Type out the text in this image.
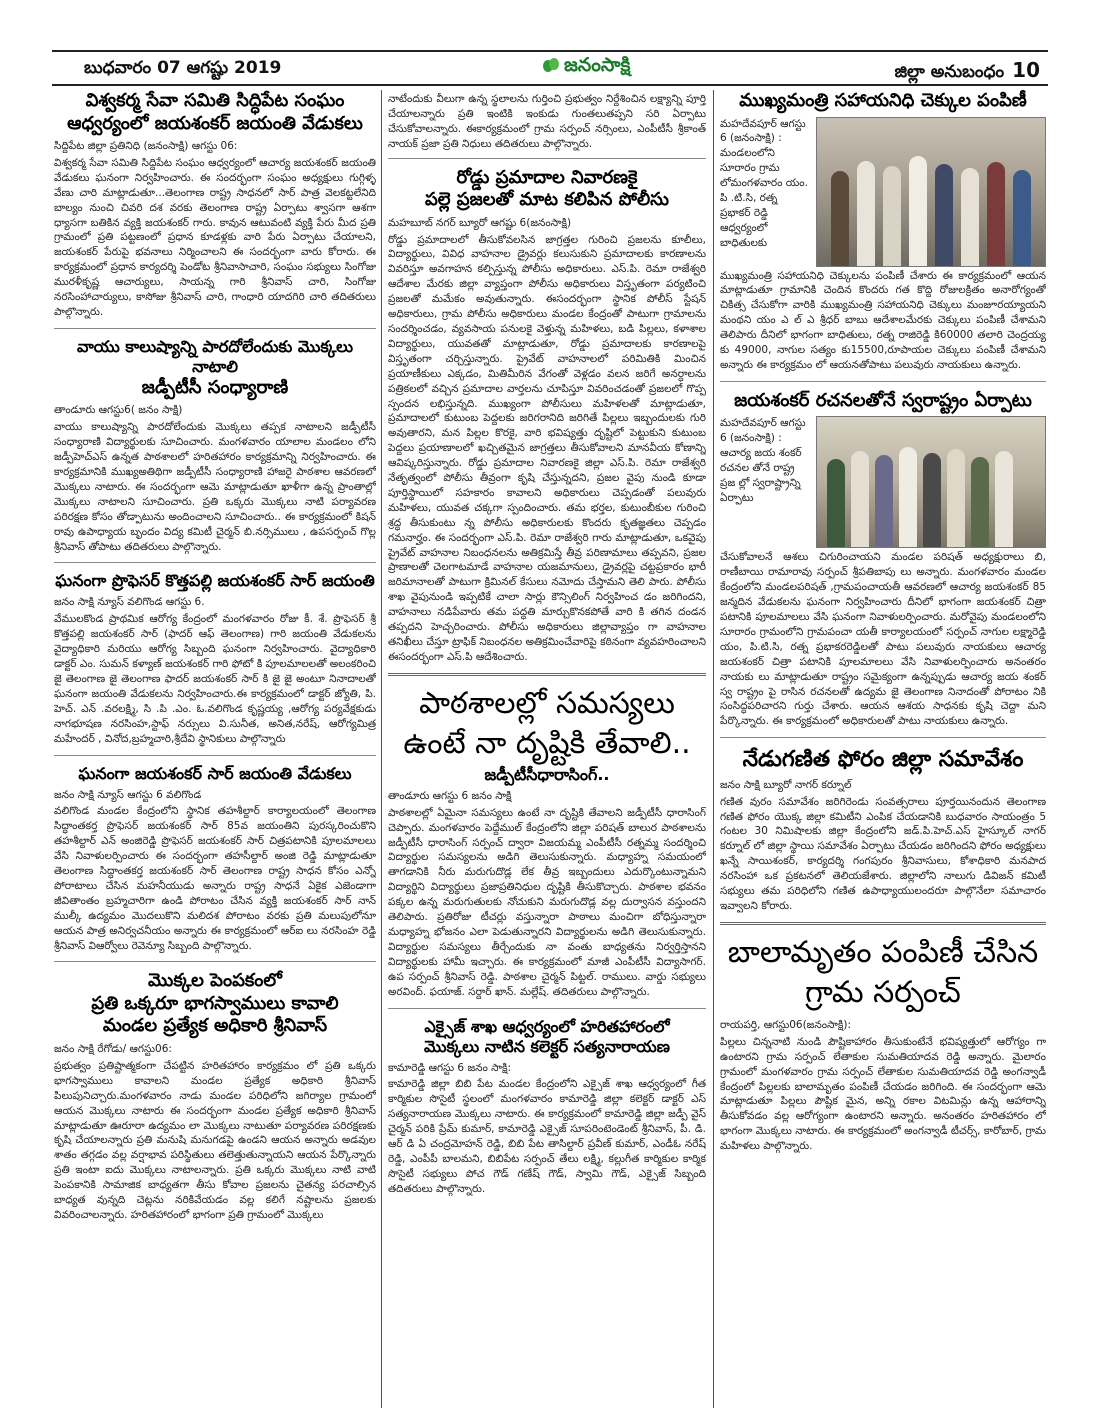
బుధవారం 07 ఆగష్టు 2019	జనంసాక్షి	జిల్లా అనుబంధం 10
విశ్వకర్మ సేవా సమితి సిద్ధిపేట సంఘం
ఆధ్వర్యంలో జయశంకర్ జయంతి వేడుకలు
సిద్దిపేట జిల్లా ప్రతినిధి (జనంసాక్షి) ఆగస్టు 06:
విశ్వకర్మ సేవా సమితి సిద్దిపేట సంఘం ఆధ్వర్యంలో ఆచార్య జయశంకర్ జయంతి వేడుకలు ఘనంగా నిర్వహించారు. ఈ సందర్భంగా సంఘం అధ్యక్షులు గుగ్గిళ్ళ వేణు చారి మాట్లాడుతూ...తెలంగాణ రాష్ట్ర సాధనలో సార్ పాత్ర వెలకట్టలేనిది బాల్యం నుంచి చివరి దశ వరకు తెలంగాణ రాష్ట్ర ఏర్పాటు శ్వాసగా ఆశగా ధ్యాసగా బతికిన వ్యక్తి జయశంకర్ గారు. కావున ఆటువంటి వ్యక్తి పేరు మీద ప్రతి గ్రామంలో ప్రతి పట్టణంలో ప్రధాన కూడళ్లకు వారి పేరు ఏర్పాటు చేయాలని, జయశంకర్ పేరుపై భవనాలు నిర్మించాలని ఈ సందర్భంగా వారు కోరారు. ఈ కార్యక్రమంలో ప్రధాన కార్యదర్శి పెండోట శ్రీనివాసాచారి, సంఘం సభ్యులు సింగోజు మురళీకృష్ణ ఆచార్యులు, సాయన్న గారి శ్రీనివాస్ చారి, సింగోజు నరసింహాచార్యులు, కాసోజు శ్రీనివాస్ చారి, గాంధారి యాదగిరి చారి తదితరులు పాల్గొన్నారు.
వాయు కాలుష్యాన్ని పారదోలేందుకు మొక్కలు నాటాలి
జడ్పీటీసీ సంధ్యారాణి
తాండూరు ఆగస్టు6( జనం సాక్షి)
వాయు కాలుష్యాన్ని పారదోలేందుకు మొక్కలు తప్పక నాటాలని జడ్పీటీసీ సంధ్యారాణి విద్యార్థులకు సూచించారు. మంగళవారం యాలాల మండలం లోని జడ్పీహెచ్ఎస్ ఉన్నత పాఠశాలలో హరితహారం కార్యక్రమాన్ని నిర్వహించారు. ఈ కార్యక్రమానికి ముఖ్యఅతిథిగా జడ్పీటీసీ సంధ్యారాణి హాజరై పాఠశాల ఆవరణలో మొక్కలు నాటారు. ఈ సందర్భంగా ఆమె మాట్లాడుతూ ఖాళీగా ఉన్న ప్రాంతాల్లో మొక్కలు నాటాలని సూచించారు. ప్రతి ఒక్కరు మొక్కలు నాటి పర్యావరణ పరిరక్షణ కోసం తోడ్పాటును అందించాలని సూచించారు.. ఈ కార్యక్రమంలో కిషన్ రావు ఉపాధ్యాయ బృందం విద్య కమిటీ చైర్మన్ బి.నర్సిములు , ఉపసర్పంచ్ గొల్ల శ్రీనివాస్ తోపాటు తదితరులు పాల్గొన్నారు.
ఘనంగా ప్రొఫెసర్ కొత్తపల్లి జయశంకర్ సార్ జయంతి
జనం సాక్షి న్యూస్ వలిగొండ ఆగస్టు 6.
వేములకొండ ప్రాథమిక ఆరోగ్య కేంద్రంలో మంగళవారం రోజు కీ. శే. ప్రొఫెసర్ శ్రీ కొత్తపల్లి జయశంకర్ సార్ (ఫాదర్ ఆఫ్ తెలంగాణ) గారి జయంతి వేడుకలను వైద్యాధికారి మరియు ఆరోగ్య సిబ్బంది ఘనంగా నిర్వహించారు. వైద్యాధికారి డాక్టర్ ఎం. సుమన్ కళ్యాణ్ జయశంకర్ గారి ఫోటో కి పూలమాలలతో అలంకరించి జై తెలంగాణ జై తెలంగాణ ఫాదర్ జయశంకర్ సార్ కి జై జై అంటూ నినాదాలతో ఘనంగా జయంతి వేడుకలను నిర్వహించారు.ఈ కార్యక్రమంలో డాక్టర్ జ్యోతి, పి. హెచ్. ఎన్ .వరలక్ష్మి, సి .పి .ఎం. ఓ.వలిగొండ కృష్ణయ్య ,ఆరోగ్య పర్యవేక్షకుడు నాగభూషణ నరసింహ,స్టాఫ్ నర్సులు వి.సునీత, అనిత,నరేష్, ఆరోగ్యమిత్ర మహేందర్ , వినోద,బ్రహ్మచారి,శ్రీదేవి స్థానికులు పాల్గొన్నారు
ఘనంగా జయశంకర్ సార్ జయంతి వేడుకలు
జనం సాక్షి న్యూస్ ఆగస్టు 6 వలిగొండ
వలిగొండ మండల కేంద్రంలోని స్థానిక తహశీల్దార్ కార్యాలయంలో తెలంగాణ సిద్ధాంతకర్త ప్రొఫెసర్ జయశంకర్ సార్ 85వ జయంతిని పురస్కరించుకొని తహశీల్దార్ ఎన్ అంజిరెడ్డి ప్రొఫెసర్ జయశంకర్ సార్ చిత్రపటానికి పూలమాలలు వేసి నివాళులర్పించారు ఈ సందర్భంగా తహసీల్దార్ అంజి రెడ్డి మాట్లాడుతూ తెలంగాణ సిద్ధాంతకర్త జయశంకర్ సార్ తెలంగాణ రాష్ట్ర సాధన కోసం ఎన్నో పోరాటాలు చేసిన మహనీయుడు అన్నారు రాష్ట్ర సాధనే ఏకైక ఎజెండాగా జీవితాంతం బ్రహ్మచారిగా ఉండి పోరాటం చేసిన వ్యక్తి జయశంకర్ సార్ నాన్ ముల్కీ ఉద్యమం మొదలుకొని మలిదశ పోరాటం వరకు ప్రతి మలుపులోనూ ఆయన పాత్ర అనిర్వచనీయం అన్నారు ఈ కార్యక్రమంలో ఆర్ఐ లు నరసింహ రెడ్డి శ్రీనివాస్ విఆర్వోలు రెవెన్యూ సిబ్బంది పాల్గొన్నారు.
మొక్కల పెంపకంలో
ప్రతి ఒక్కరూ భాగస్వాములు కావాలి
మండల ప్రత్యేక అధికారి శ్రీనివాస్
జనం సాక్షి రేగోడు/ ఆగస్టు06:
ప్రభుత్వం ప్రతిష్టాత్మకంగా చేపట్టిన హరితహారం కార్యక్రమం లో ప్రతి ఒక్కరు భాగస్వాములు కావాలని మండల ప్రత్యేక అధికారి శ్రీనివాస్ పిలుపునిచ్చారు.మంగళవారం నాడు మండల పరిధిలోని జగిర్యాల గ్రామంలో ఆయన మొక్కలు నాటారు ఈ సందర్భంగా మండల ప్రత్యేక అధికారి శ్రీనివాస్ మాట్లాడుతూ ఊరూరా ఉద్యమం లా మొక్కలు నాటుతూ పర్యావరణ పరిరక్షణకు కృషి చేయాలన్నారు ప్రతి మనుషి మనుగడపై ఉండని ఆయన అన్నారు అడవుల శాతం తగ్గడం వల్ల వర్షాభావ పరిస్థితులు తలెత్తుతున్నాయని ఆయన పేర్కొన్నారు ప్రతి ఇంటా ఐదు మొక్కలు నాటాలన్నారు. ప్రతి ఒక్కరు మొక్కలు నాటి వాటి పెంపకానికి సామాజిక బాధ్యతగా తీసు కోవాల ప్రజలను చైతన్య పరచాల్సిన బాధ్యత వున్నది చెట్లను నరికివేయడం వల్ల కలిగే నష్టాలను ప్రజలకు వివరించాలన్నారు. హరితహారంలో భాగంగా ప్రతి గ్రామంలో మొక్కలు
నాటేందుకు వీలుగా ఉన్న స్థలాలను గుర్తించి ప్రభుత్వం నిర్దేశించిన లక్ష్యాన్ని పూర్తి చేయాలన్నారు ప్రతి ఇంటికి ఇంకుడు గుంతలుతప్పని సరి ఏర్పాటు చేసుకోవాలన్నారు. ఈకార్యక్రమంలో గ్రామ సర్పంచ్ నర్సింలు, ఎంపీటీసీ శ్రీకాంత్ నాయక్ ప్రజా ప్రతి నిధులు తదితరులు పాల్గొన్నారు.
రోడ్డు ప్రమాదాల నివారణకై
పల్లె ప్రజలతో మాట కలిపిన పోలీసు
మహబూబ్ నగర్ బ్యూరో ఆగష్టు 6(జనంసాక్షి)
రోడ్డు ప్రమాదాలలో తీసుకోవలసిన జాగ్రత్తల గురించి ప్రజలను కూలీలు, విద్యార్థులు, వివిధ వాహనాల డ్రైవర్లు కలుసుకుని ప్రమాదాలకు కారణాలను వివరిస్తూ అవగాహన కల్పిస్తున్న పోలీసు అధికారులు. ఎస్.పి. రెమా రాజేశ్వరి ఆదేశాల మేరకు జిల్లా వ్యాప్తంగా పోలీసు అధికారులు విస్తృతంగా పర్యటించి ప్రజలతో మమేకం అవుతున్నారు. ఈసందర్భంగా స్థానిక పోలీస్ స్టేషన్ అధికారులు, గ్రామ పోలీసు అధికారులు మండల కేంద్రంతో పాటుగా గ్రామాలను సందర్శించడం, వ్యవసాయ పనులకై వెళ్తున్న మహిళలు, బడి పిల్లలు, కళాశాల విద్యార్థులు, యువతతో మాట్లాడుతూ, రోడ్డు ప్రమాదాలకు కారణాలపై విస్తృతంగా చర్చిస్తున్నారు. ప్రైవేట్ వాహనాలలో పరిమితికి మించిన ప్రయాణీకులు ఎక్కడం, మితిమీరిన వేగంతో వెళ్లడం వలన జరిగే అనర్ధాలను పత్రికలలో వచ్చిన ప్రమాదాల వార్తలను చూపిస్తూ వివరించడంతో ప్రజలలో గొప్ప స్పందన లభిస్తున్నది. ముఖ్యంగా పోలీసులు మహిళలతో మాట్లాడుతూ, ప్రమాదాలలో కుటుంబ పెద్దలకు జరిగరానిది జరిగితే పిల్లలు ఇబ్బందులకు గురి అవుతారని, మన పిల్లల కొరకై, వారి భవిష్యత్తు దృష్టిలో పెట్టుకుని కుటుంబ పెద్దలు ప్రయాణాలలో ఖచ్చితమైన జాగ్రత్తలు తీసుకోవాలని మానవీయ కోణాన్ని ఆవిష్కరిస్తున్నారు. రోడ్డు ప్రమాదాల నివారణకై జిల్లా ఎస్.పి. రెమా రాజేశ్వరి నేతృత్వంలో పోలీసు తీవ్రంగా కృషి చేస్తున్నదని, ప్రజల వైపు నుండి కూడా పూర్తిస్థాయిలో సహకారం కావాలని అధికారులు చెప్పడంతో పలువురు మహిళలు, యువత చక్కగా స్పందించారు. తమ భర్తల, కుటుంబీకుల గురించి శ్రద్ధ తీసుకుంటు న్న పోలీసు అధికారులకు కొందరు కృతజ్ఞతలు చెప్పడం గమనార్హం. ఈ సందర్భంగా ఎస్.పి. రెమా రాజేశ్వరి గారు మాట్లాడుతూ, ఒకవైపు ప్రైవేట్ వాహనాల నిబంధనలను అతిక్రమిస్తే తీవ్ర పరిణామాలు తప్పవని, ప్రజల ప్రాణాలతో చెలగాటమాడే వాహనాల యజమానులు, డ్రైవర్లపై చట్టప్రకారం భారీ జరిమానాలతో పాటుగా క్రిమినల్ కేసులు నమోదు చేస్తామని తెలి పారు. పోలీసు శాఖ వైపునుండి ఇప్పటికే చాలా సార్లు కౌన్సిలింగ్ నిర్వహించ డం జరిగిందని, వాహనాలు నడిపేవారు తమ పద్ధతి మార్చుకొనకపోతే వారి కి తగిన దండన తప్పదని హెచ్చరించారు. పోలీసు అధికారులు జిల్లావ్యాప్తం గా వాహనాల తనిఖీలు చేస్తూ ట్రాఫిక్ నిబంధనల అతిక్రమించేవారిపై కఠినంగా వ్యవహరించాలని ఈసందర్భంగా ఎస్.పి ఆదేశించారు.
పాఠశాలల్లో సమస్యలు
ఉంటే నా దృష్టికి తేవాలి..
జడ్పీటీసీధారాసింగ్..
తాండూరు ఆగస్టు 6 జనం సాక్షి
పాఠశాలల్లో ఏమైనా సమస్యలు ఉంటే నా దృష్టికి తేవాలని జడ్పీటీసీ ధారాసింగ్ చెప్పారు. మంగళవారం పెద్దేముల్ కేంద్రంలోని జిల్లా పరిషత్ బాలుర పాఠశాలను జడ్పీటీసీ ధారాసింగ్ సర్పంచ్ ద్వారా విజయమ్మ ఎంపీటీసీ రత్నమ్మ సందర్శించి విద్యార్థుల సమస్యలను అడిగి తెలుసుకున్నారు. మధ్యాహ్న సమయంలో తాగడానికి నీరు మరుగుదొడ్ల లేక తీవ్ర ఇబ్బందులు ఎదుర్కొంటున్నామని విద్యార్థిని విద్యార్థులు ప్రజాప్రతినిధుల దృష్టికి తీసుకొచ్చారు. పాఠశాల భవనం పక్కల ఉన్న మరుగుతులకు నోచుకుని మరుగుదొడ్ల వల్ల దుర్వాసన వస్తుందని తెలిపారు. ప్రతిరోజు టీచర్లు వస్తున్నారా పాఠాలు మంచిగా బోధిస్తున్నారా మధ్యాహ్న భోజనం ఎలా పెడుతున్నారని విద్యార్థులను అడిగి తెలుసుకున్నారు. విద్యార్థుల సమస్యలు తీర్చేందుకు నా వంతు బాధ్యతను నిర్వర్తిస్తానని విద్యార్థులకు హామీ ఇచ్చారు. ఈ కార్యక్రమంలో మాజీ ఎంపీటీసీ విద్యాసాగర్. ఉప సర్పంచ్ శ్రీనివాస్ రెడ్డి. పాఠశాల చైర్మన్ పిట్టల్. రాములు. వార్డు సభ్యులు అరవింద్. ఫయాజ్. సర్దార్ ఖాన్. మల్లేష్. తదితరులు పాల్గొన్నారు.
ఎక్సైజ్ శాఖ ఆధ్వర్యంలో హరితహారంలో
మొక్కలు నాటిన కలెక్టర్ సత్యనారాయణ
కామారెడ్డి ఆగస్టు 6 జనం సాక్షి:
కామారెడ్డి జిల్లా బిబి పేట మండల కేంద్రంలోని ఎక్సైజ్ శాఖ ఆధ్వర్యంలో గీత కార్మికుల సొసైటీ స్థలంలో మంగళవారం కామారెడ్డి జిల్లా కలెక్టర్ డాక్టర్ ఎస్ సత్యనారాయణ మొక్కలు నాటారు. ఈ కార్యక్రమంలో కామారెడ్డి జిల్లా జడ్పీ వైస్ చైర్మన్ పరికి ప్రేమ్ కుమార్, కామారెడ్డి ఎక్సైజ్ సూపరింటెండెంట్ శ్రీనివాస్, పీ. డి. ఆర్ డి ఏ చంద్రమోహన్ రెడ్డి, బిబి పేట తాసిల్దార్ ప్రవీణ్ కుమార్, ఎండీఓ నరేష్ రెడ్డి, ఎంపీపీ బాలమని, బిబిపేట సర్పంచ్ తేలు లక్ష్మి, కల్లుగీత కార్మికుల కార్మిక సొసైటీ సభ్యులు పోచ గౌడ్ గణేష్ గౌడ్, స్వామి గౌడ్, ఎక్సైజ్ సిబ్బంది తదితరులు పాల్గొన్నారు.
ముఖ్యమంత్రి సహాయనిధి చెక్కుల పంపిణీ
మహదేవపూర్ ఆగస్టు 6 (జనంసాక్షి) : మండలంలోని సూరారం గ్రామ లోమంగళవారం యం. పి .టి.సి, రత్న ప్రభాకర్ రెడ్డి ఆధ్వర్యంలో బాధితులకు
ముఖ్యమంత్రి సహాయనిధి చెక్కులను పంపిణీ చేశారు ఈ కార్యక్రమంలో ఆయన మాట్లాడుతూ గ్రామానికి చెందిన కొందరు గత కొద్ది రోజులక్రితం అనారోగ్యంతో చికిత్స చేసుకోగా వారికి ముఖ్యమంత్రి సహాయనిధి చెక్కులు మంజూరయ్యాయని మంథని యం ఎ ల్ ఎ శ్రీధర్ బాబు ఆదేశాలమేరకు చెక్కులు పంపిణీ చేశామని తెలిపారు దీనిలో భాగంగా బాధితులు, రత్న రాజిరెడ్డి కి60000 తలారి చెంద్రయ్య కు 49000, నాగుల సత్యం కు15500,రూపాయల చెక్కులు పంపిణీ చేశామని అన్నారు ఈ కార్యక్రమం లో ఆయనతోపాటు పలువురు నాయకులు ఉన్నారు.
జయశంకర్ రచనలతోనే స్వరాష్ట్రం ఏర్పాటు
మహదేవపూర్ ఆగస్టు 6 (జనంసాక్షి) : ఆచార్య జయ శంకర్ రచనల తోనే రాష్ట్ర ప్రజ ల్లో స్వరాష్ట్రాన్ని ఏర్పాటు
చేసుకోవాలనే ఆశలు చిగురించాయని మండల పరిషత్ అధ్యక్షురాలు బి, రాణీబాయి రామారావు సర్పంచ్ శ్రీపతిబాపు లు అన్నారు. మంగళవారం మండల కేంద్రంలోని మండలపరిషత్ ,గ్రామపంచాయతీ ఆవరణలో ఆచార్య జయశంకర్ 85 జన్మదిన వేడుకలను ఘనంగా నిర్వహించారు దీనిలో భాగంగా జయశంకర్ చిత్రా పటానికి పూలమాలలు వేసి ఘనంగా నివాళులర్పించారు. మరోవైపు మండలంలోని సూరారం గ్రామంలోని గ్రామపంచా యతీ కార్యాలయంలో సర్పంచ్ నాగుల లక్ష్మారెడ్డి యం, పి.టి.సి, రత్న ప్రభాకరరెడ్డిలతో పాటు పలువురు నాయకులు ఆచార్య జయశంకర్ చిత్రా పటానికి పూలమాలలు వేసి నివాళులర్పించారు అనంతరం నాయకు లు మాట్లాడుతూ రాష్ట్రం సమైక్యంగా ఉన్నప్పుడు ఆచార్య జయ శంకర్ స్వ రాష్ట్రం పై రాసిన రచనలతో ఉద్యమ జై తెలంగాణ నినాదంతో పోరాటం నికి సంసిద్ధపరిచారని గుర్తు చేశారు. ఆయన ఆశయ సాధనకు కృషి చెద్దా మని పేర్కొన్నారు. ఈ కార్యక్రమంలో అధికారులతో పాటు నాయకులు ఉన్నారు.
నేడుగణిత ఫోరం జిల్లా సమావేశం
జనం సాక్షి బ్యూరో నాగర్ కర్నూల్
గణిత వురం సమావేశం జరిగిరెండు సంవత్సరాలు పూర్తయినందున తెలంగాణ గణిత ఫోరం యొక్క జిల్లా కమిటీని ఎంపిక చేయడానికి బుధవారం సాయంత్రం 5 గంటల 30 నిమిషాలకు జిల్లా కేంద్రంలోని జడ్.పి.హెచ్.ఎస్ హైస్కూల్ నాగర్ కర్నూల్ లో జిల్లా స్థాయి సమావేశం ఏర్పాటు చేయడం జరిగిందని ఫోరం అధ్యక్షులు ఖన్నే సాయిశంకర్, కార్యదర్శి గంగపురం శ్రీనివాసులు, కోశాధికారి మనపాద నరసింహా ఒక ప్రకటనలో తెలియజేశారు. జిల్లాలోని నాలుగు డివిజన్ కమిటీ సభ్యులు తమ పరిధిలోని గణిత ఉపాధ్యాయులందరూ పాల్గొనేలా సమాచారం ఇవ్వాలని కోరారు.
బాలామృతం పంపిణీ చేసిన
గ్రామ సర్పంచ్
రాయపర్తి, ఆగస్టు06(జనంసాక్షి):
పిల్లలు చిన్ననాటి నుండి పౌష్టికాహారం తీసుకుంటేనే భవిష్యత్తులో ఆరోగ్యం గా ఉంటారని గ్రామ సర్పంచ్ లేతాకుల సుమతియాదవ రెడ్డి అన్నారు. మైలారం గ్రామంలో మంగళవారం గ్రామ సర్పంచ్ లేతాకుల సుమతియాదవ రెడ్డి అంగన్వాడీ కేంద్రంలో పిల్లలకు బాలామృతం పంపిణీ చేయడం జరిగింది. ఈ సందర్భంగా ఆమె మాట్లాడుతూ పిల్లలు పౌష్టిక మైన, అన్ని రకాల విటమిన్లు ఉన్న ఆహారాన్ని తీసుకోవడం వల్ల ఆరోగ్యంగా ఉంటారని అన్నారు. అనంతరం హరితహారం లో భాగంగా మొక్కలు నాటారు. ఈ కార్యక్రమంలో అంగన్వాడీ టీచర్స్, కారోబార్, గ్రామ మహిళలు పాల్గొన్నారు.
